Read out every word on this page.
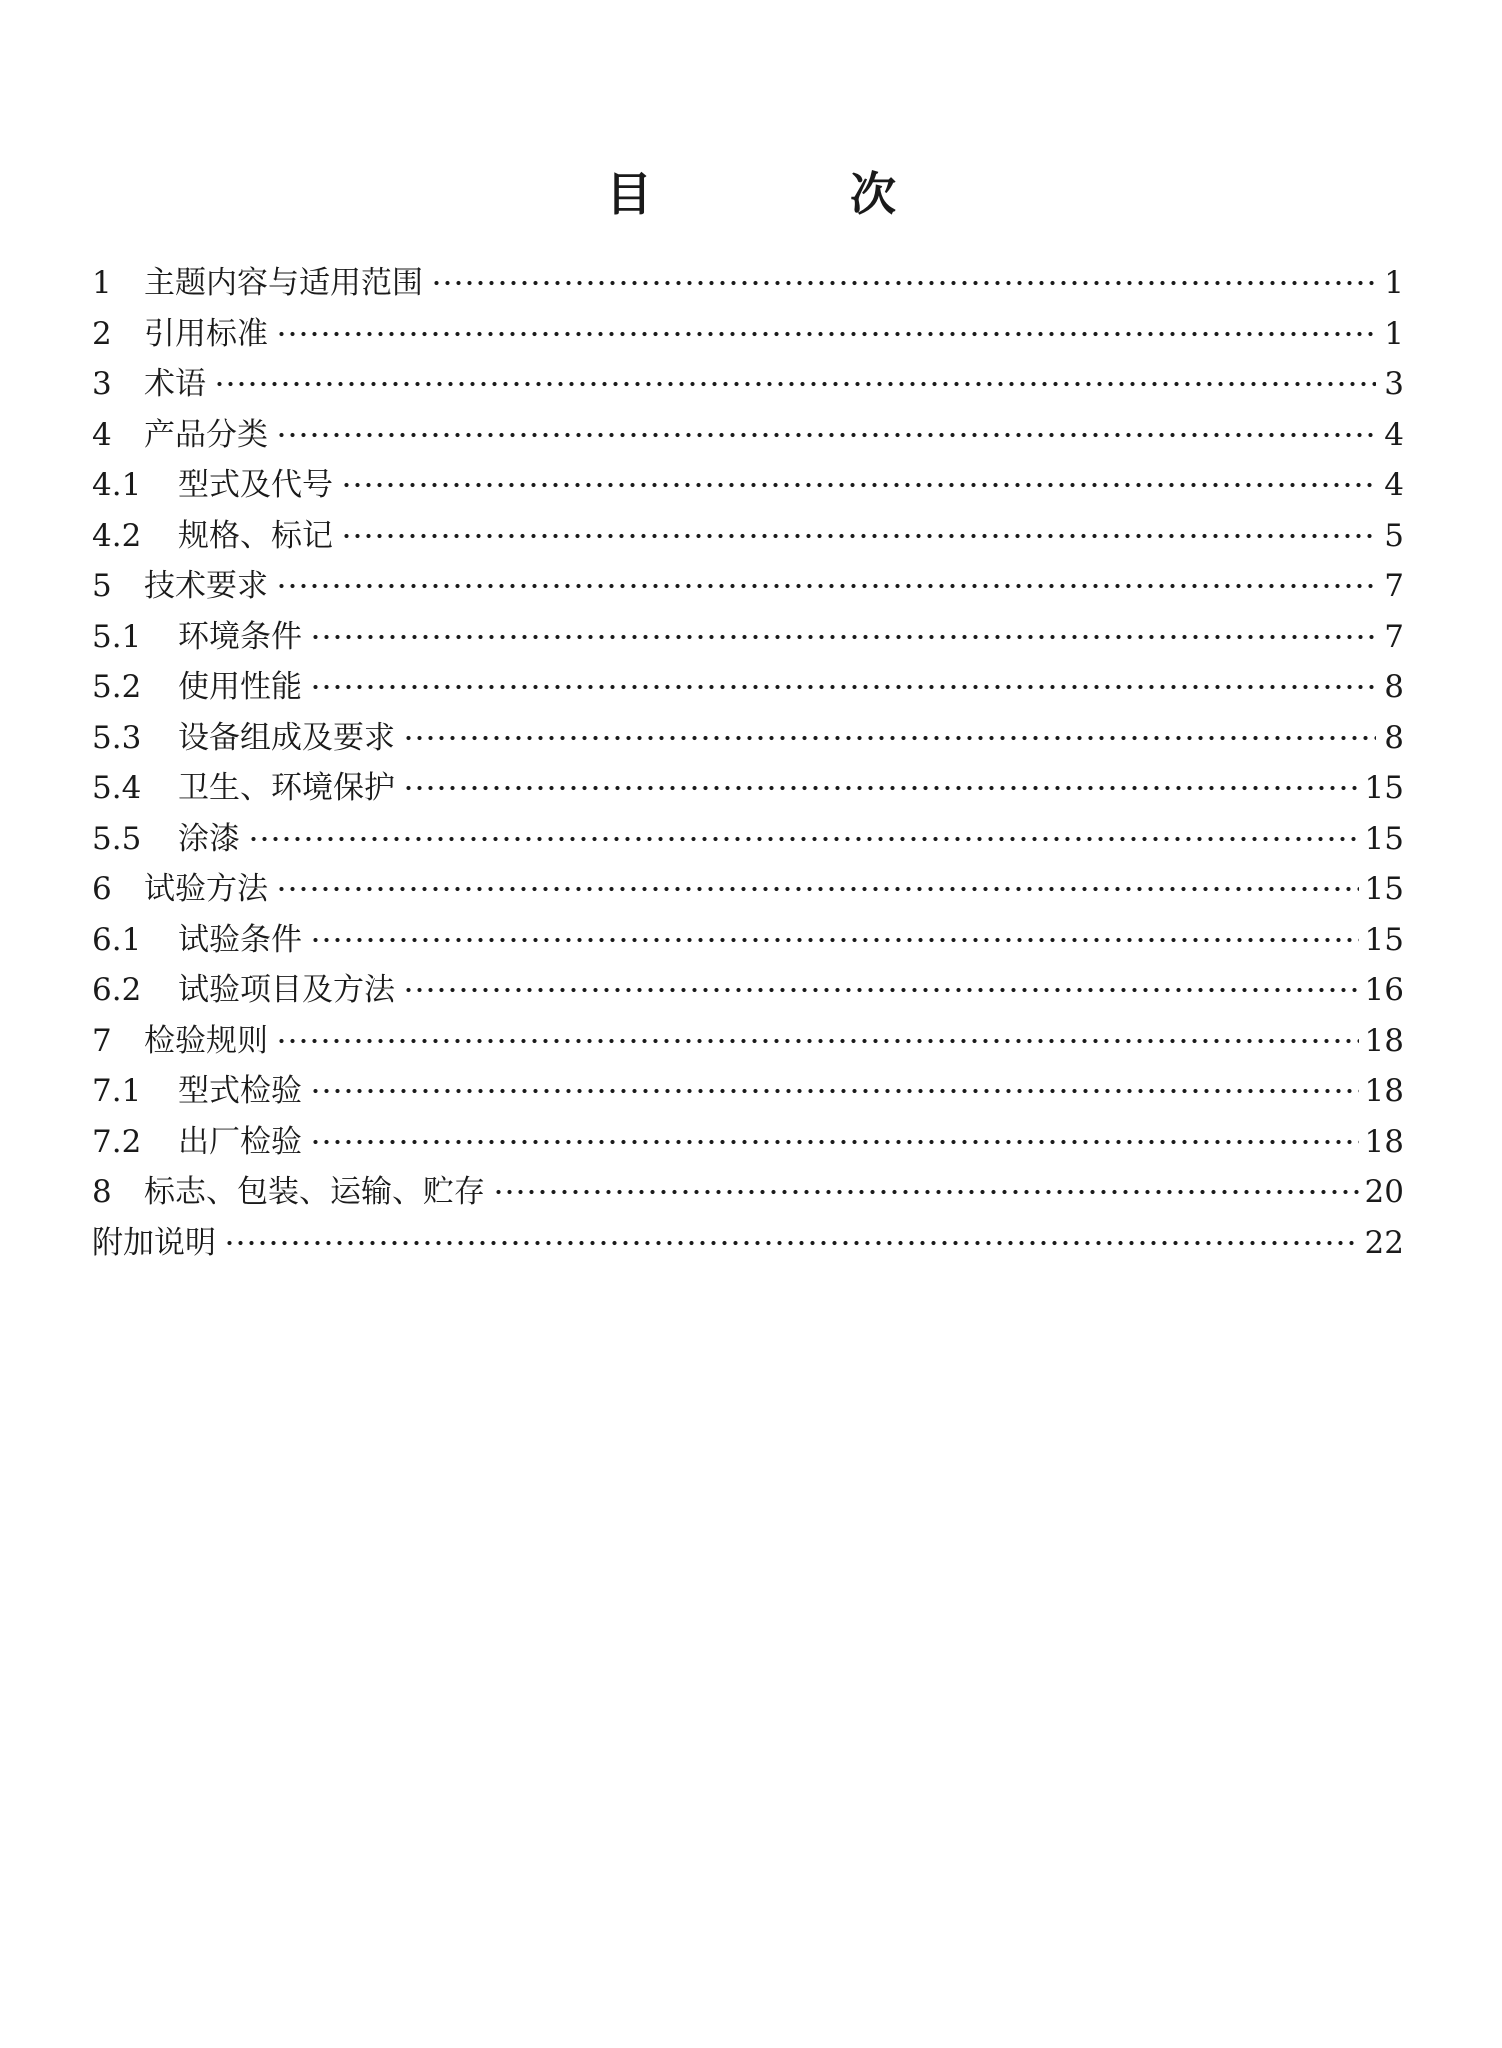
目　次
1	主题内容与适用范围	1
2	引用标准	1
3	术语	3
4	产品分类	4
4.1	型式及代号	4
4.2	规格、标记	5
5	技术要求	7
5.1	环境条件	7
5.2	使用性能	8
5.3	设备组成及要求	8
5.4	卫生、环境保护	15
5.5	涂漆	15
6	试验方法	15
6.1	试验条件	15
6.2	试验项目及方法	16
7	检验规则	18
7.1	型式检验	18
7.2	出厂检验	18
8	标志、包装、运输、贮存	20
附加说明	22
